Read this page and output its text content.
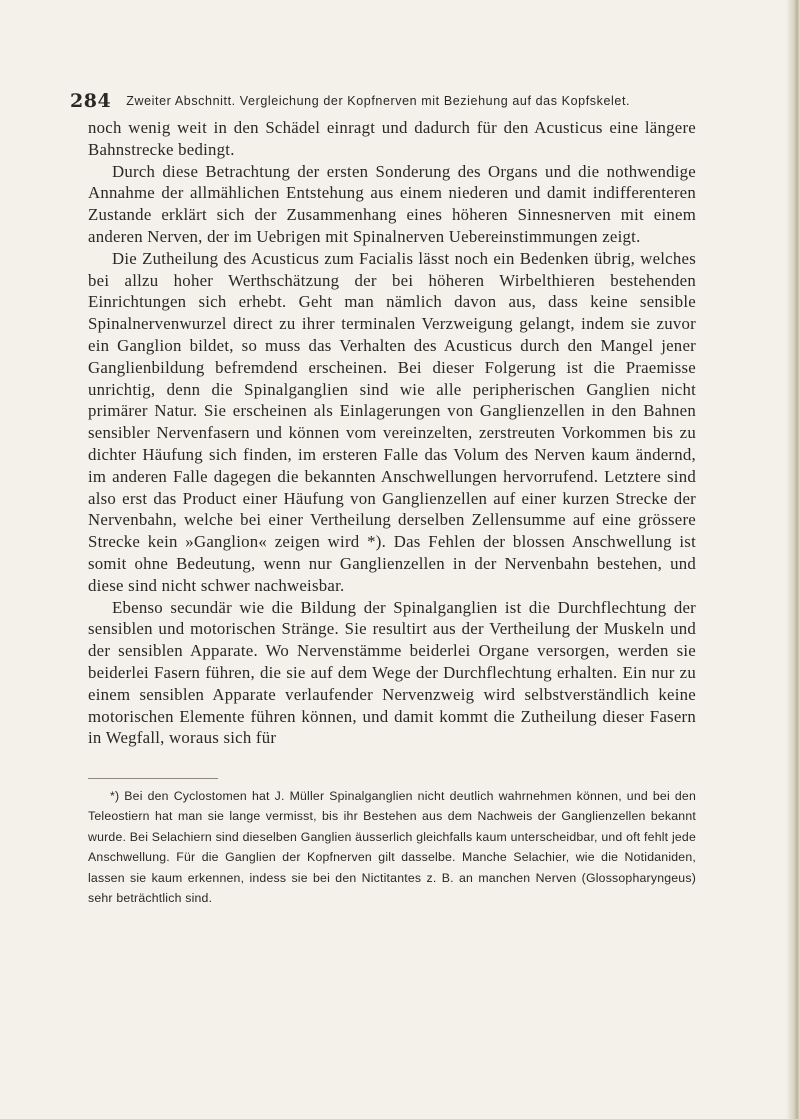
284 Zweiter Abschnitt. Vergleichung der Kopfnerven mit Beziehung auf das Kopfskelet.

noch wenig weit in den Schädel einragt und dadurch für den Acusticus eine längere Bahnstrecke bedingt.

Durch diese Betrachtung der ersten Sonderung des Organs und die nothwendige Annahme der allmählichen Entstehung aus einem niederen und damit indifferenteren Zustande erklärt sich der Zusammenhang eines höheren Sinnesnerven mit einem anderen Nerven, der im Uebrigen mit Spinalnerven Uebereinstimmungen zeigt.

Die Zutheilung des Acusticus zum Facialis lässt noch ein Bedenken übrig, welches bei allzu hoher Werthschätzung der bei höheren Wirbelthieren bestehenden Einrichtungen sich erhebt. Geht man nämlich davon aus, dass keine sensible Spinalnervenwurzel direct zu ihrer terminalen Verzweigung gelangt, indem sie zuvor ein Ganglion bildet, so muss das Verhalten des Acusticus durch den Mangel jener Ganglienbildung befremdend erscheinen. Bei dieser Folgerung ist die Praemisse unrichtig, denn die Spinalganglien sind wie alle peripherischen Ganglien nicht primärer Natur. Sie erscheinen als Einlagerungen von Ganglienzellen in den Bahnen sensibler Nervenfasern und können vom vereinzelten, zerstreuten Vorkommen bis zu dichter Häufung sich finden, im ersteren Falle das Volum des Nerven kaum ändernd, im anderen Falle dagegen die bekannten Anschwellungen hervorrufend. Letztere sind also erst das Product einer Häufung von Ganglienzellen auf einer kurzen Strecke der Nervenbahn, welche bei einer Vertheilung derselben Zellensumme auf eine grössere Strecke kein »Ganglion« zeigen wird *). Das Fehlen der blossen Anschwellung ist somit ohne Bedeutung, wenn nur Ganglienzellen in der Nervenbahn bestehen, und diese sind nicht schwer nachweisbar.

Ebenso secundär wie die Bildung der Spinalganglien ist die Durchflechtung der sensiblen und motorischen Stränge. Sie resultirt aus der Vertheilung der Muskeln und der sensiblen Apparate. Wo Nervenstämme beiderlei Organe versorgen, werden sie beiderlei Fasern führen, die sie auf dem Wege der Durchflechtung erhalten. Ein nur zu einem sensiblen Apparate verlaufender Nervenzweig wird selbstverständlich keine motorischen Elemente führen können, und damit kommt die Zutheilung dieser Fasern in Wegfall, woraus sich für

*) Bei den Cyclostomen hat J. Müller Spinalganglien nicht deutlich wahrnehmen können, und bei den Teleostiern hat man sie lange vermisst, bis ihr Bestehen aus dem Nachweis der Ganglienzellen bekannt wurde. Bei Selachiern sind dieselben Ganglien äusserlich gleichfalls kaum unterscheidbar, und oft fehlt jede Anschwellung. Für die Ganglien der Kopfnerven gilt dasselbe. Manche Selachier, wie die Notidaniden, lassen sie kaum erkennen, indess sie bei den Nictitantes z. B. an manchen Nerven (Glossopharyngeus) sehr beträchtlich sind.
